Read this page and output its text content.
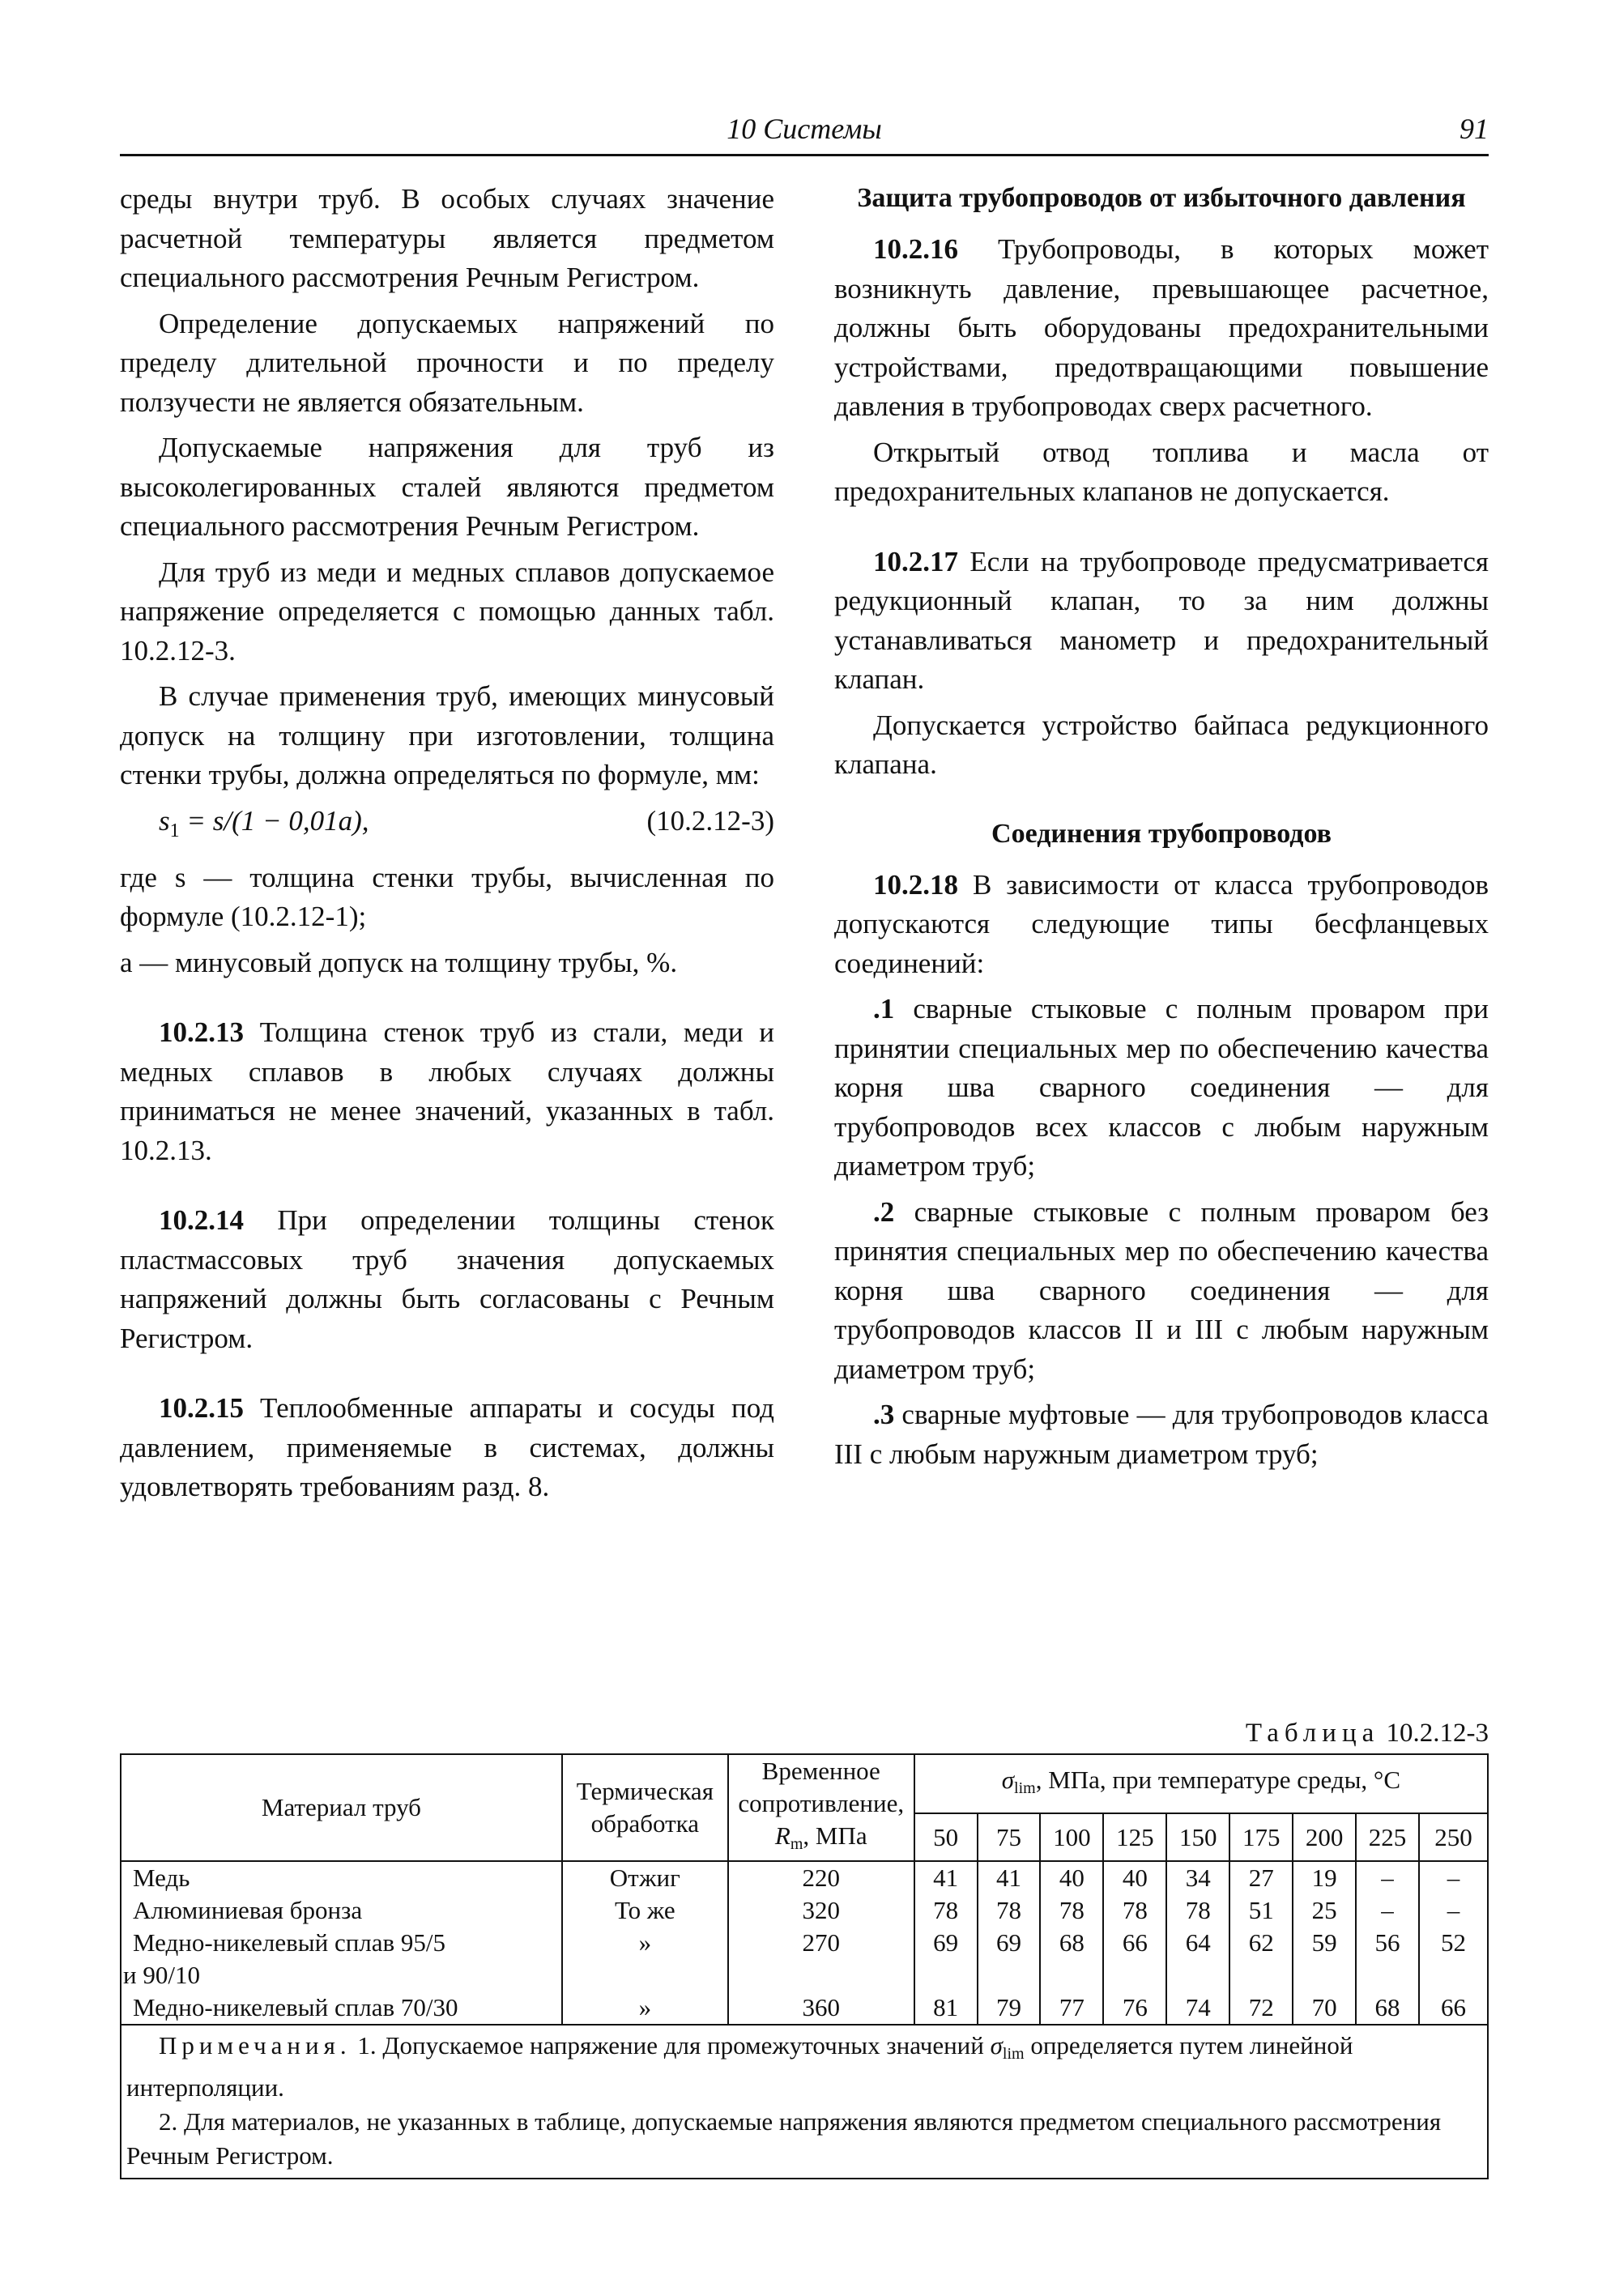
10 Системы	91

среды внутри труб. В особых случаях значение расчетной температуры является предметом специального рассмотрения Речным Регистром.

Определение допускаемых напряжений по пределу длительной прочности и по пределу ползучести не является обязательным.

Допускаемые напряжения для труб из высоколегированных сталей являются предметом специального рассмотрения Речным Регистром.

Для труб из меди и медных сплавов допускаемое напряжение определяется с помощью данных табл. 10.2.12-3.

В случае применения труб, имеющих минусовый допуск на толщину при изготовлении, толщина стенки трубы, должна определяться по формуле, мм:

$s_1 = s/(1 - 0,01a)$,	(10.2.12-3)

где s — толщина стенки трубы, вычисленная по формуле (10.2.12-1);

a — минусовый допуск на толщину трубы, %.

10.2.13 Толщина стенок труб из стали, меди и медных сплавов в любых случаях должны приниматься не менее значений, указанных в табл. 10.2.13.

10.2.14 При определении толщины стенок пластмассовых труб значения допускаемых напряжений должны быть согласованы с Речным Регистром.

10.2.15 Теплообменные аппараты и сосуды под давлением, применяемые в системах, должны удовлетворять требованиям разд. 8.

Защита трубопроводов от избыточного давления

10.2.16 Трубопроводы, в которых может возникнуть давление, превышающее расчетное, должны быть оборудованы предохранительными устройствами, предотвращающими повышение давления в трубопроводах сверх расчетного.

Открытый отвод топлива и масла от предохранительных клапанов не допускается.

10.2.17 Если на трубопроводе предусматривается редукционный клапан, то за ним должны устанавливаться манометр и предохранительный клапан.

Допускается устройство байпаса редукционного клапана.

Соединения трубопроводов

10.2.18 В зависимости от класса трубопроводов допускаются следующие типы бесфланцевых соединений:

.1 сварные стыковые с полным проваром при принятии специальных мер по обеспечению качества корня шва сварного соединения — для трубопроводов всех классов с любым наружным диаметром труб;

.2 сварные стыковые с полным проваром без принятия специальных мер по обеспечению качества корня шва сварного соединения — для трубопроводов классов II и III с любым наружным диаметром труб;

.3 сварные муфтовые — для трубопроводов класса III с любым наружным диаметром труб;

Таблица 10.2.12-3
Материал труб	Термическая обработка	Временное сопротивление,
$R_m$, МПа	$\sigma_{lim}$, МПа, при температуре среды, °С								
			50	75	100	125	150	175	200	225	250
Медь	Отжиг	220	41	41	40	40	34	27	19	–	–
Алюминиевая бронза	То же	320	78	78	78	78	78	51	25	–	–
Медно-никелевый сплав 95/5	»	270	69	69	68	66	64	62	59	56	52
и 90/10											
Медно-никелевый сплав 70/30	»	360	81	79	77	76	74	72	70	68	66

Примечания. 1. Допускаемое напряжение для промежуточных значений $\sigma_{lim}$ определяется путем линейной интерполяции.
2. Для материалов, не указанных в таблице, допускаемые напряжения являются предметом специального рассмотрения Речным Регистром.											
